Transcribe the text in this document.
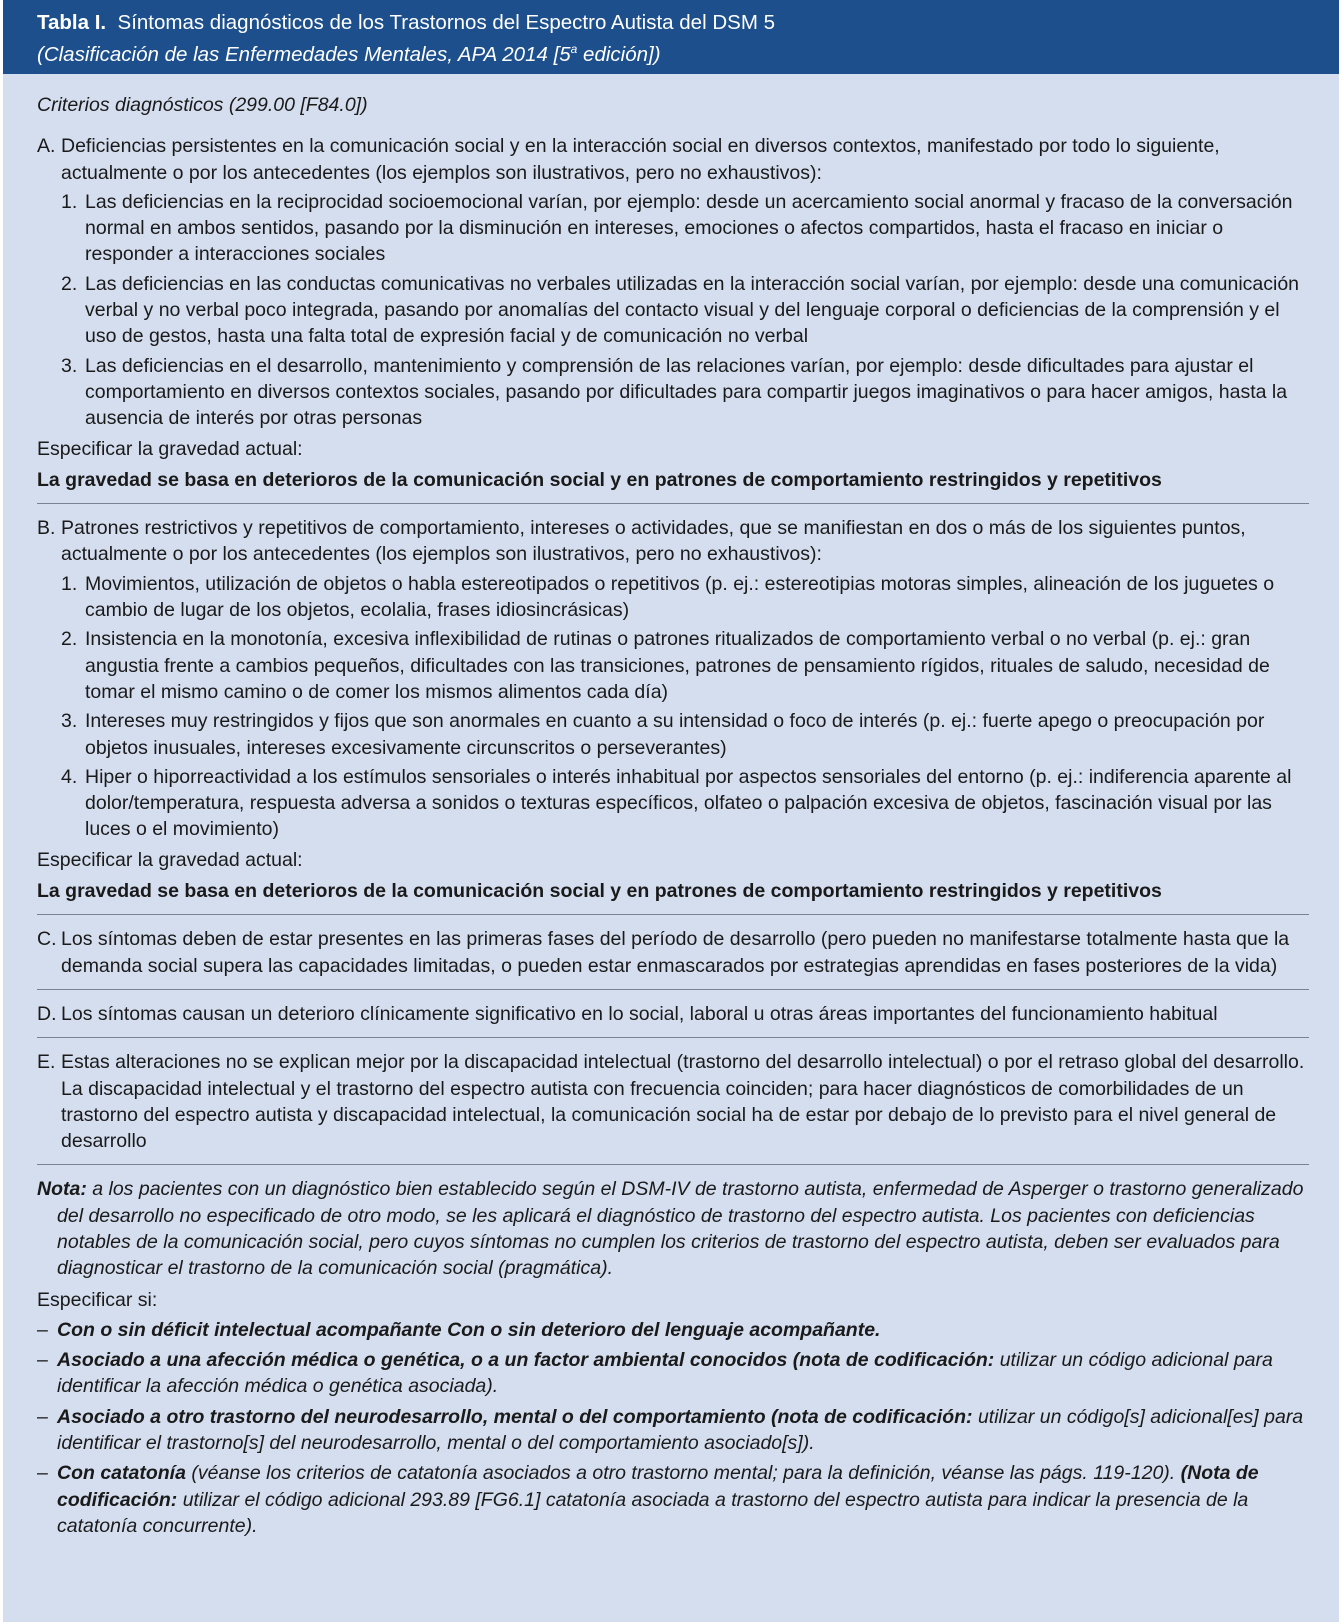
Tabla I. Síntomas diagnósticos de los Trastornos del Espectro Autista del DSM 5
(Clasificación de las Enfermedades Mentales, APA 2014 [5$^a$ edición])
Criterios diagnósticos (299.00 [F84.0])
A. Deficiencias persistentes en la comunicación social y en la interacción social en diversos contextos, manifestado por todo lo siguiente, actualmente o por los antecedentes (los ejemplos son ilustrativos, pero no exhaustivos):
1. Las deficiencias en la reciprocidad socioemocional varían, por ejemplo: desde un acercamiento social anormal y fracaso de la conversación normal en ambos sentidos, pasando por la disminución en intereses, emociones o afectos compartidos, hasta el fracaso en iniciar o responder a interacciones sociales
2. Las deficiencias en las conductas comunicativas no verbales utilizadas en la interacción social varían, por ejemplo: desde una comunicación verbal y no verbal poco integrada, pasando por anomalías del contacto visual y del lenguaje corporal o deficiencias de la comprensión y el uso de gestos, hasta una falta total de expresión facial y de comunicación no verbal
3. Las deficiencias en el desarrollo, mantenimiento y comprensión de las relaciones varían, por ejemplo: desde dificultades para ajustar el comportamiento en diversos contextos sociales, pasando por dificultades para compartir juegos imaginativos o para hacer amigos, hasta la ausencia de interés por otras personas
Especificar la gravedad actual:
La gravedad se basa en deterioros de la comunicación social y en patrones de comportamiento restringidos y repetitivos
B. Patrones restrictivos y repetitivos de comportamiento, intereses o actividades, que se manifiestan en dos o más de los siguientes puntos, actualmente o por los antecedentes (los ejemplos son ilustrativos, pero no exhaustivos):
1. Movimientos, utilización de objetos o habla estereotipados o repetitivos (p. ej.: estereotipias motoras simples, alineación de los juguetes o cambio de lugar de los objetos, ecolalia, frases idiosincrásicas)
2. Insistencia en la monotonía, excesiva inflexibilidad de rutinas o patrones ritualizados de comportamiento verbal o no verbal (p. ej.: gran angustia frente a cambios pequeños, dificultades con las transiciones, patrones de pensamiento rígidos, rituales de saludo, necesidad de tomar el mismo camino o de comer los mismos alimentos cada día)
3. Intereses muy restringidos y fijos que son anormales en cuanto a su intensidad o foco de interés (p. ej.: fuerte apego o preocupación por objetos inusuales, intereses excesivamente circunscritos o perseverantes)
4. Hiper o hiporreactividad a los estímulos sensoriales o interés inhabitual por aspectos sensoriales del entorno (p. ej.: indiferencia aparente al dolor/temperatura, respuesta adversa a sonidos o texturas específicos, olfateo o palpación excesiva de objetos, fascinación visual por las luces o el movimiento)
Especificar la gravedad actual:
La gravedad se basa en deterioros de la comunicación social y en patrones de comportamiento restringidos y repetitivos
C. Los síntomas deben de estar presentes en las primeras fases del período de desarrollo (pero pueden no manifestarse totalmente hasta que la demanda social supera las capacidades limitadas, o pueden estar enmascarados por estrategias aprendidas en fases posteriores de la vida)
D. Los síntomas causan un deterioro clínicamente significativo en lo social, laboral u otras áreas importantes del funcionamiento habitual
E. Estas alteraciones no se explican mejor por la discapacidad intelectual (trastorno del desarrollo intelectual) o por el retraso global del desarrollo. La discapacidad intelectual y el trastorno del espectro autista con frecuencia coinciden; para hacer diagnósticos de comorbilidades de un trastorno del espectro autista y discapacidad intelectual, la comunicación social ha de estar por debajo de lo previsto para el nivel general de desarrollo
Nota: a los pacientes con un diagnóstico bien establecido según el DSM-IV de trastorno autista, enfermedad de Asperger o trastorno generalizado del desarrollo no especificado de otro modo, se les aplicará el diagnóstico de trastorno del espectro autista. Los pacientes con deficiencias notables de la comunicación social, pero cuyos síntomas no cumplen los criterios de trastorno del espectro autista, deben ser evaluados para diagnosticar el trastorno de la comunicación social (pragmática).
Especificar si:
– Con o sin déficit intelectual acompañante Con o sin deterioro del lenguaje acompañante.
– Asociado a una afección médica o genética, o a un factor ambiental conocidos (nota de codificación: utilizar un código adicional para identificar la afección médica o genética asociada).
– Asociado a otro trastorno del neurodesarrollo, mental o del comportamiento (nota de codificación: utilizar un código[s] adicional[es] para identificar el trastorno[s] del neurodesarrollo, mental o del comportamiento asociado[s]).
– Con catatonía (véanse los criterios de catatonía asociados a otro trastorno mental; para la definición, véanse las págs. 119-120). (Nota de codificación: utilizar el código adicional 293.89 [FG6.1] catatonía asociada a trastorno del espectro autista para indicar la presencia de la catatonía concurrente).
